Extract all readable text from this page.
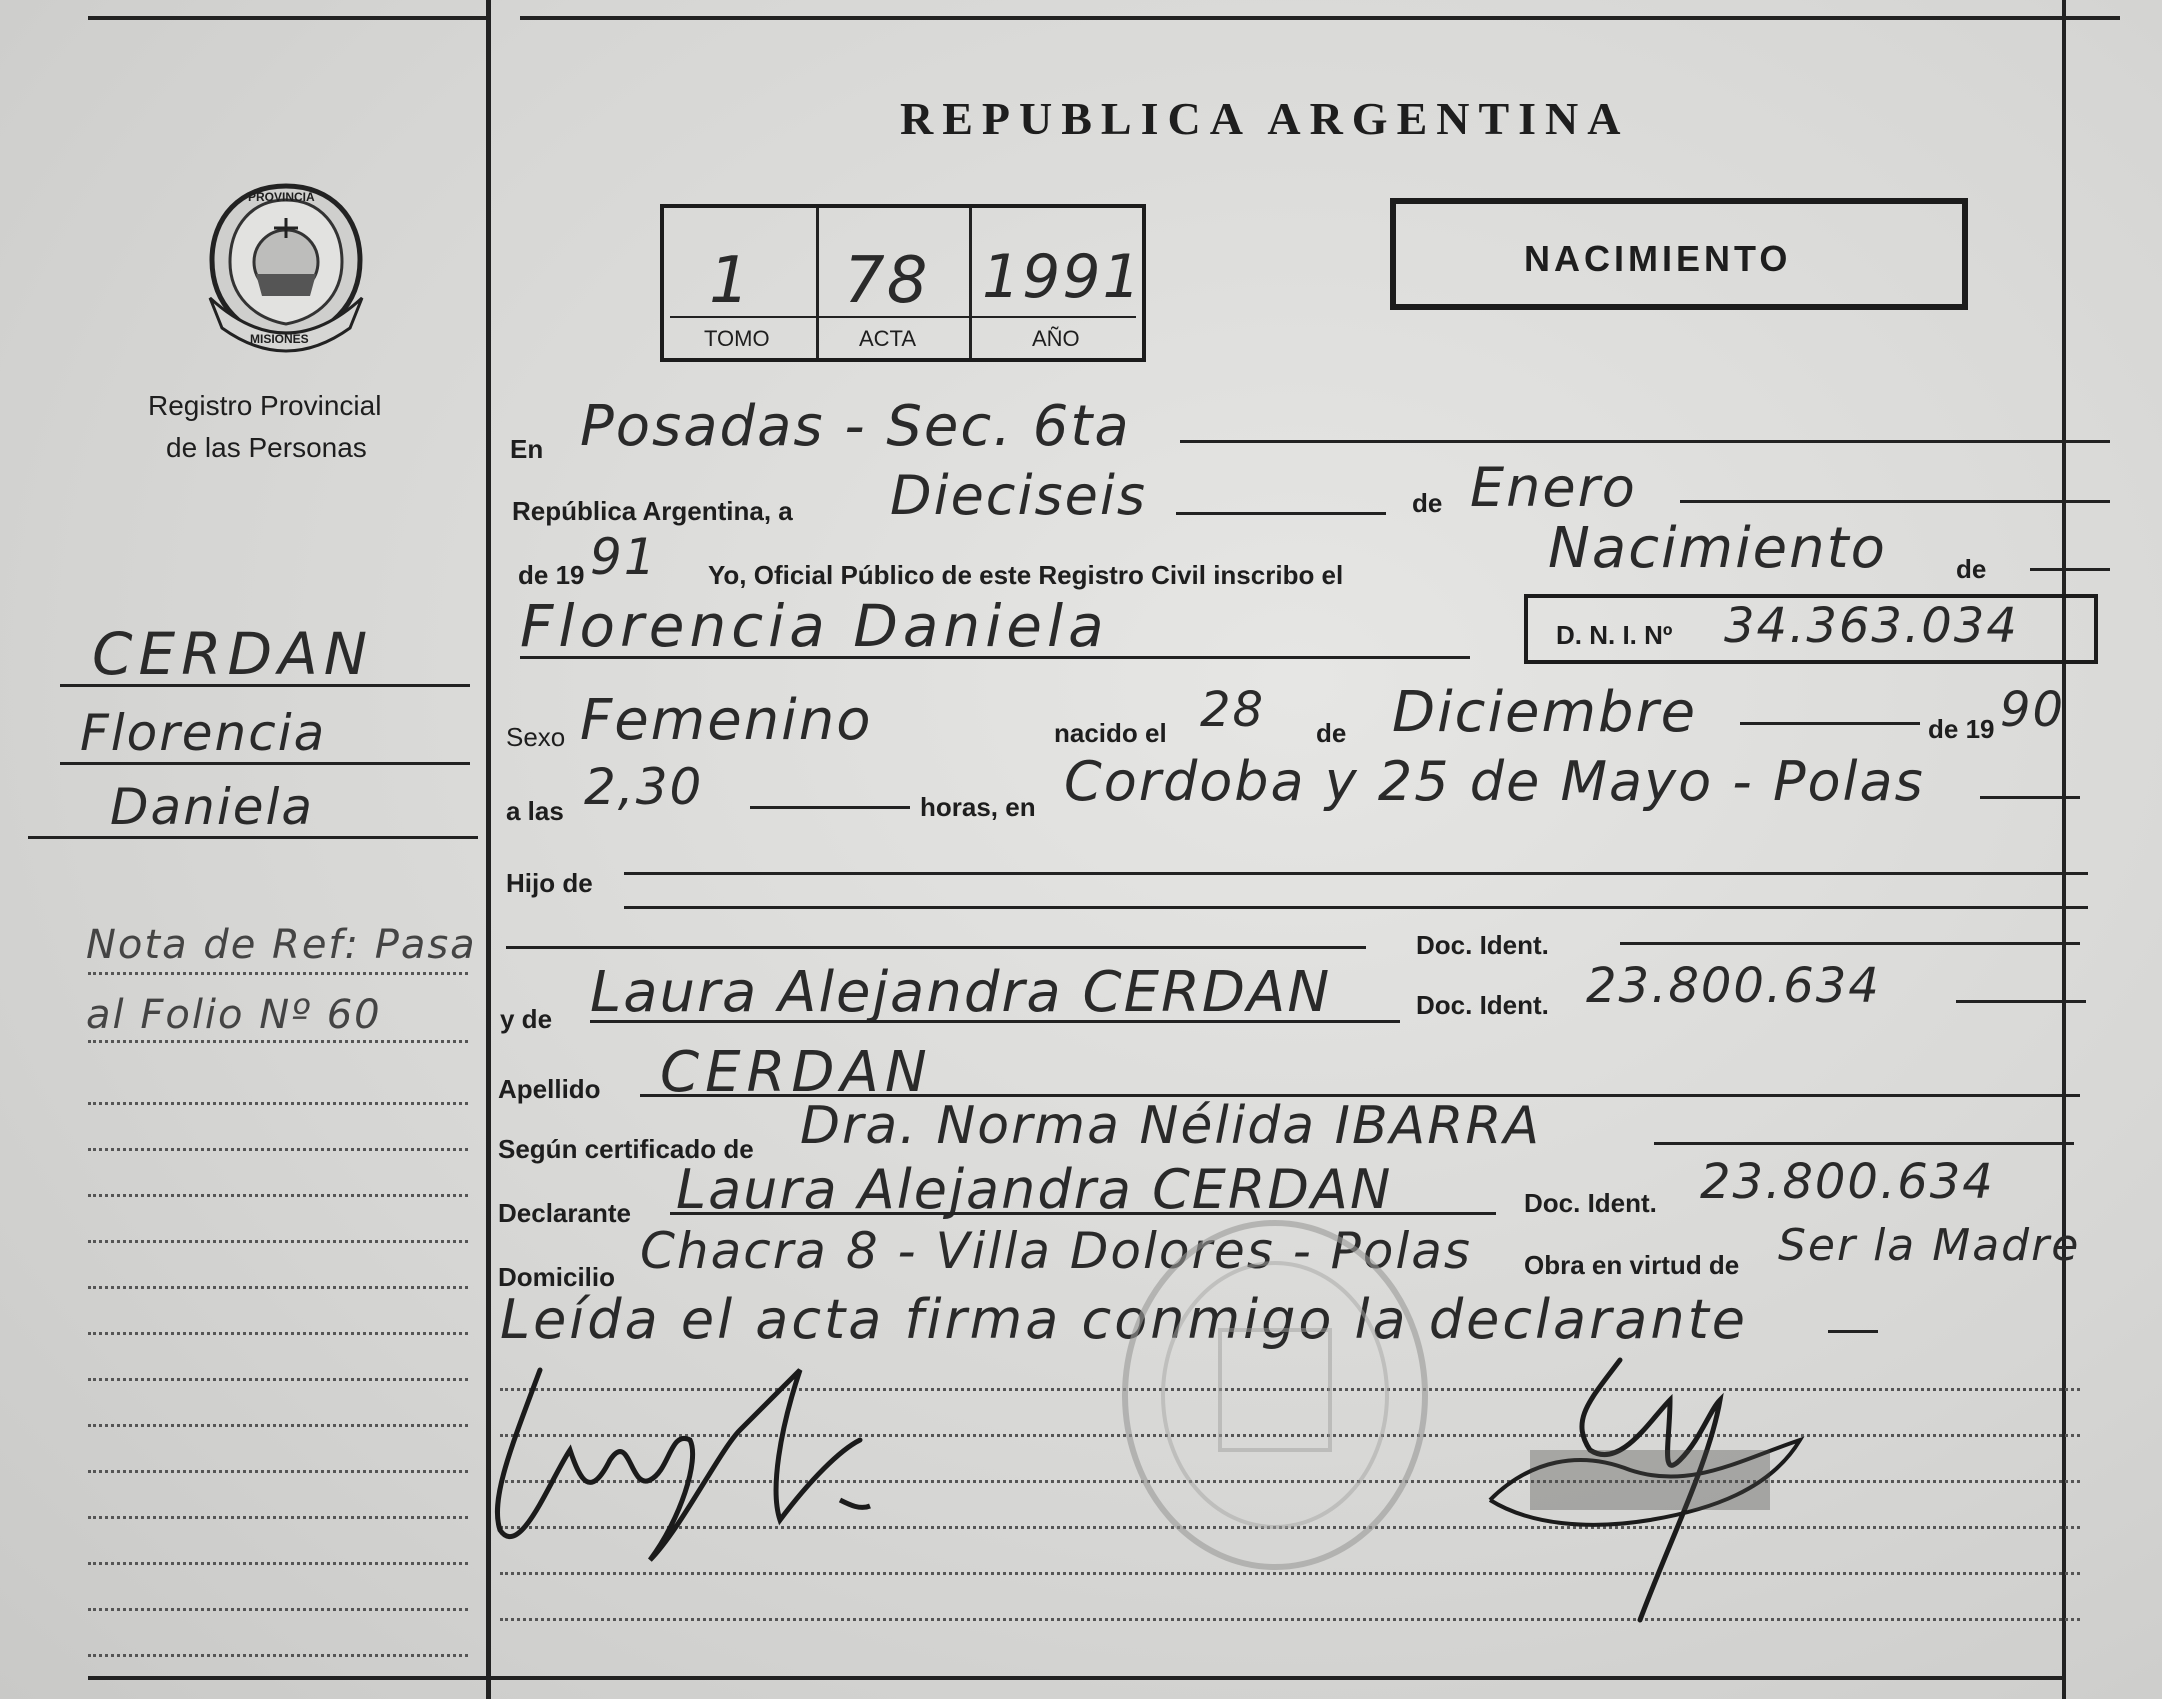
REPUBLICA ARGENTINA
1 78 1991
TOMO	ACTA	AÑO
NACIMIENTO
PROVINCIA
MISIONES
Registro Provincial
de las Personas
CERDAN
Florencia
Daniela
Nota de Ref: Pasa
al Folio Nº 60
En Posadas - Sec. 6ta
República Argentina, a Dieciseis	de Enero
de 19 91 Yo, Oficial Público de este Registro Civil inscribo el	Nacimiento	de
Florencia Daniela	D. N. I. Nº 34.363.034
Sexo Femenino	nacido el 28 de Diciembre	de 19 90
a las 2,30	horas, en Cordoba y 25 de Mayo - Polas
Hijo de
Doc. Ident.
y de Laura Alejandra CERDAN	Doc. Ident. 23.800.634
Apellido CERDAN
Según certificado de Dra. Norma Nélida IBARRA
Declarante Laura Alejandra CERDAN	Doc. Ident. 23.800.634
Domicilio Chacra 8 - Villa Dolores - Polas Obra en virtud de Ser la Madre
Leída el acta firma conmigo la declarante
